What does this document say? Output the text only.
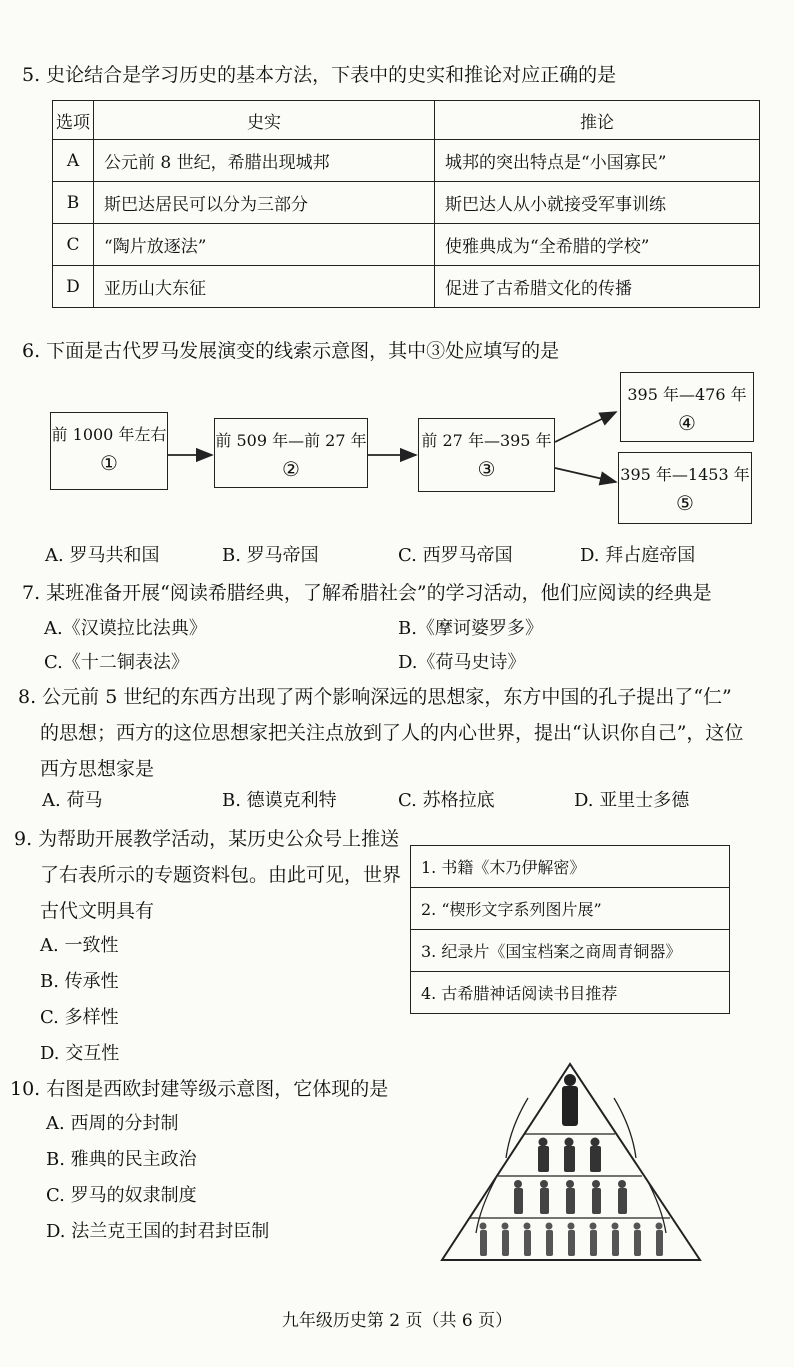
5. 史论结合是学习历史的基本方法，下表中的史实和推论对应正确的是
选项	史实	推论
A	公元前 8 世纪，希腊出现城邦	城邦的突出特点是“小国寡民”
B	斯巴达居民可以分为三部分	斯巴达人从小就接受军事训练
C	“陶片放逐法”	使雅典成为“全希腊的学校”
D	亚历山大东征	促进了古希腊文化的传播
6. 下面是古代罗马发展演变的线索示意图，其中③处应填写的是
前 1000 年左右
①
前 509 年—前 27 年
②
前 27 年—395 年
③
395 年—476 年
④
395 年—1453 年
⑤
A. 罗马共和国	B. 罗马帝国	C. 西罗马帝国	D. 拜占庭帝国
7. 某班准备开展“阅读希腊经典，了解希腊社会”的学习活动，他们应阅读的经典是
A.《汉谟拉比法典》	B.《摩诃婆罗多》
C.《十二铜表法》	D.《荷马史诗》
8. 公元前 5 世纪的东西方出现了两个影响深远的思想家，东方中国的孔子提出了“仁”
的思想；西方的这位思想家把关注点放到了人的内心世界，提出“认识你自己”，这位
西方思想家是
A. 荷马	B. 德谟克利特	C. 苏格拉底	D. 亚里士多德
9. 为帮助开展教学活动，某历史公众号上推送
了右表所示的专题资料包。由此可见，世界
古代文明具有
A. 一致性
B. 传承性
C. 多样性
D. 交互性
1. 书籍《木乃伊解密》
2. “楔形文字系列图片展”
3. 纪录片《国宝档案之商周青铜器》
4. 古希腊神话阅读书目推荐
10. 右图是西欧封建等级示意图，它体现的是
A. 西周的分封制
B. 雅典的民主政治
C. 罗马的奴隶制度
D. 法兰克王国的封君封臣制
九年级历史第 2 页（共 6 页）
